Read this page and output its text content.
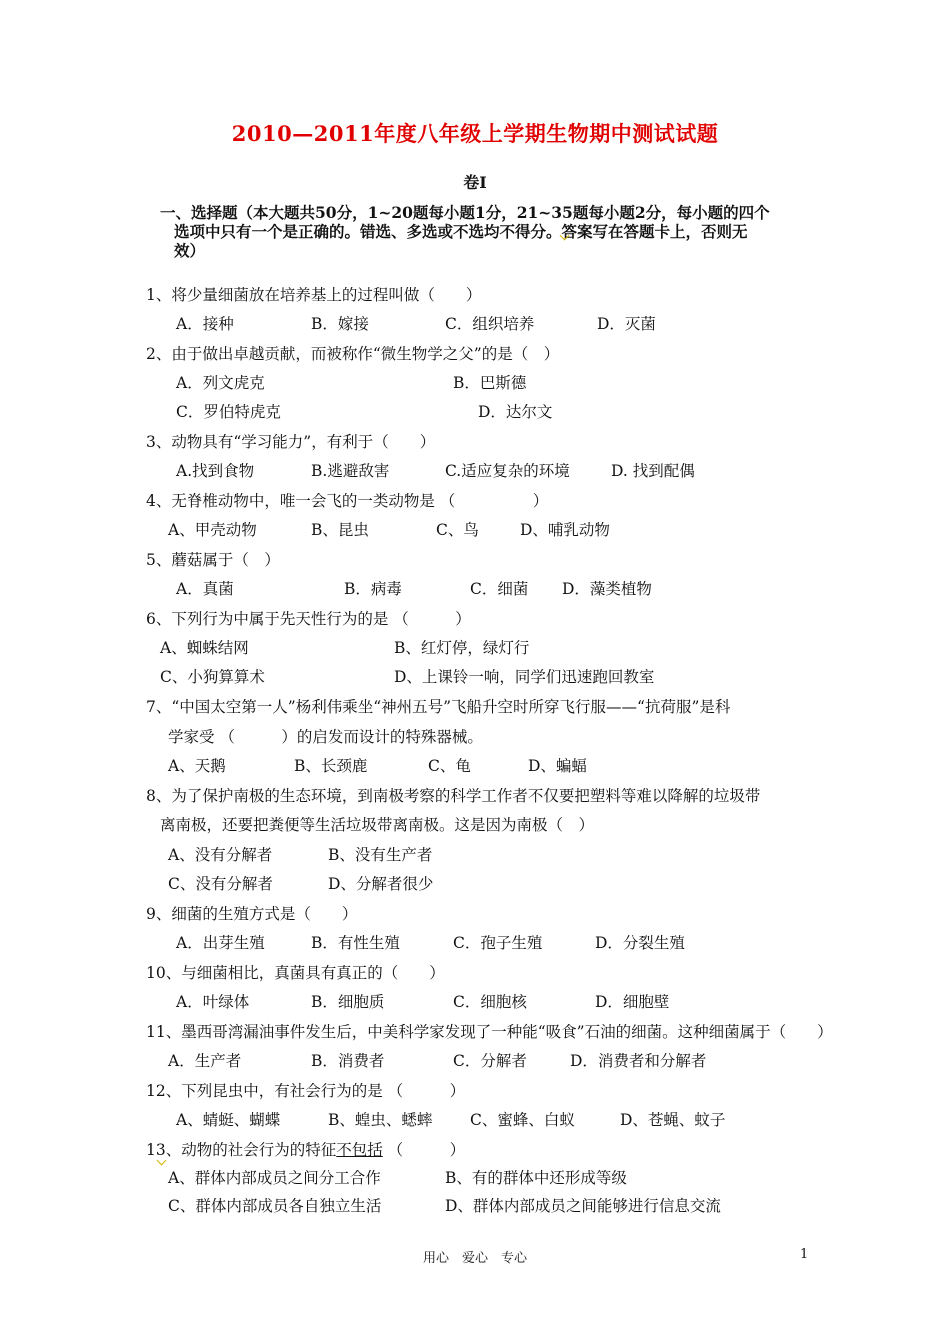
2010—2011年度八年级上学期生物期中测试试题
卷Ⅰ
一、选择题（本大题共50分，1~20题每小题1分，21~35题每小题2分，每小题的四个

选项中只有一个是正确的。错选、多选或不选均不得分。答案写在答题卡上，否则无
效）
1、将少量细菌放在培养基上的过程叫做（　　）
A．接种	B．嫁接	C．组织培养	D．灭菌
2、由于做出卓越贡献，而被称作“微生物学之父”的是（　）
A．列文虎克	B．巴斯德
C．罗伯特虎克	D．达尔文
3、动物具有“学习能力”，有利于（　　）
A.找到食物	B.逃避敌害	C.适应复杂的环境	D. 找到配偶
4、无脊椎动物中，唯一会飞的一类动物是 （　　　　　）
A、甲壳动物	B、昆虫	C、鸟	D、哺乳动物
5、蘑菇属于（　）
A．真菌	B．病毒	C．细菌 D．藻类植物
6、下列行为中属于先天性行为的是 （　　　）
A、蜘蛛结网	B、红灯停，绿灯行
C、小狗算算术	D、上课铃一响，同学们迅速跑回教室
7、“中国太空第一人”杨利伟乘坐“神州五号”飞船升空时所穿飞行服——“抗荷服”是科
学家受 （　　　）的启发而设计的特殊器械。
A、天鹅	B、长颈鹿	C、龟	D、蝙蝠
8、为了保护南极的生态环境，到南极考察的科学工作者不仅要把塑料等难以降解的垃圾带
离南极，还要把粪便等生活垃圾带离南极。这是因为南极（　）
A、没有分解者	B、没有生产者
C、没有分解者	D、分解者很少
9、细菌的生殖方式是（　　）
A．出芽生殖	B．有性生殖	C．孢子生殖	D．分裂生殖
10、与细菌相比，真菌具有真正的（　　）
A．叶绿体	B．细胞质	C．细胞核	D．细胞壁
11、墨西哥湾漏油事件发生后，中美科学家发现了一种能“吸食”石油的细菌。这种细菌属于（　　）
A．生产者	B．消费者	C．分解者	D．消费者和分解者
12、下列昆虫中，有社会行为的是 （　　　）
A、蜻蜓、蝴蝶	B、蝗虫、蟋蟀 C、蜜蜂、白蚁	D、苍蝇、蚊子
13、动物的社会行为的特征不包括 （　　　）
A、群体内部成员之间分工合作	B、有的群体中还形成等级
C、群体内部成员各自独立生活	D、群体内部成员之间能够进行信息交流
用心　爱心　专心	1
